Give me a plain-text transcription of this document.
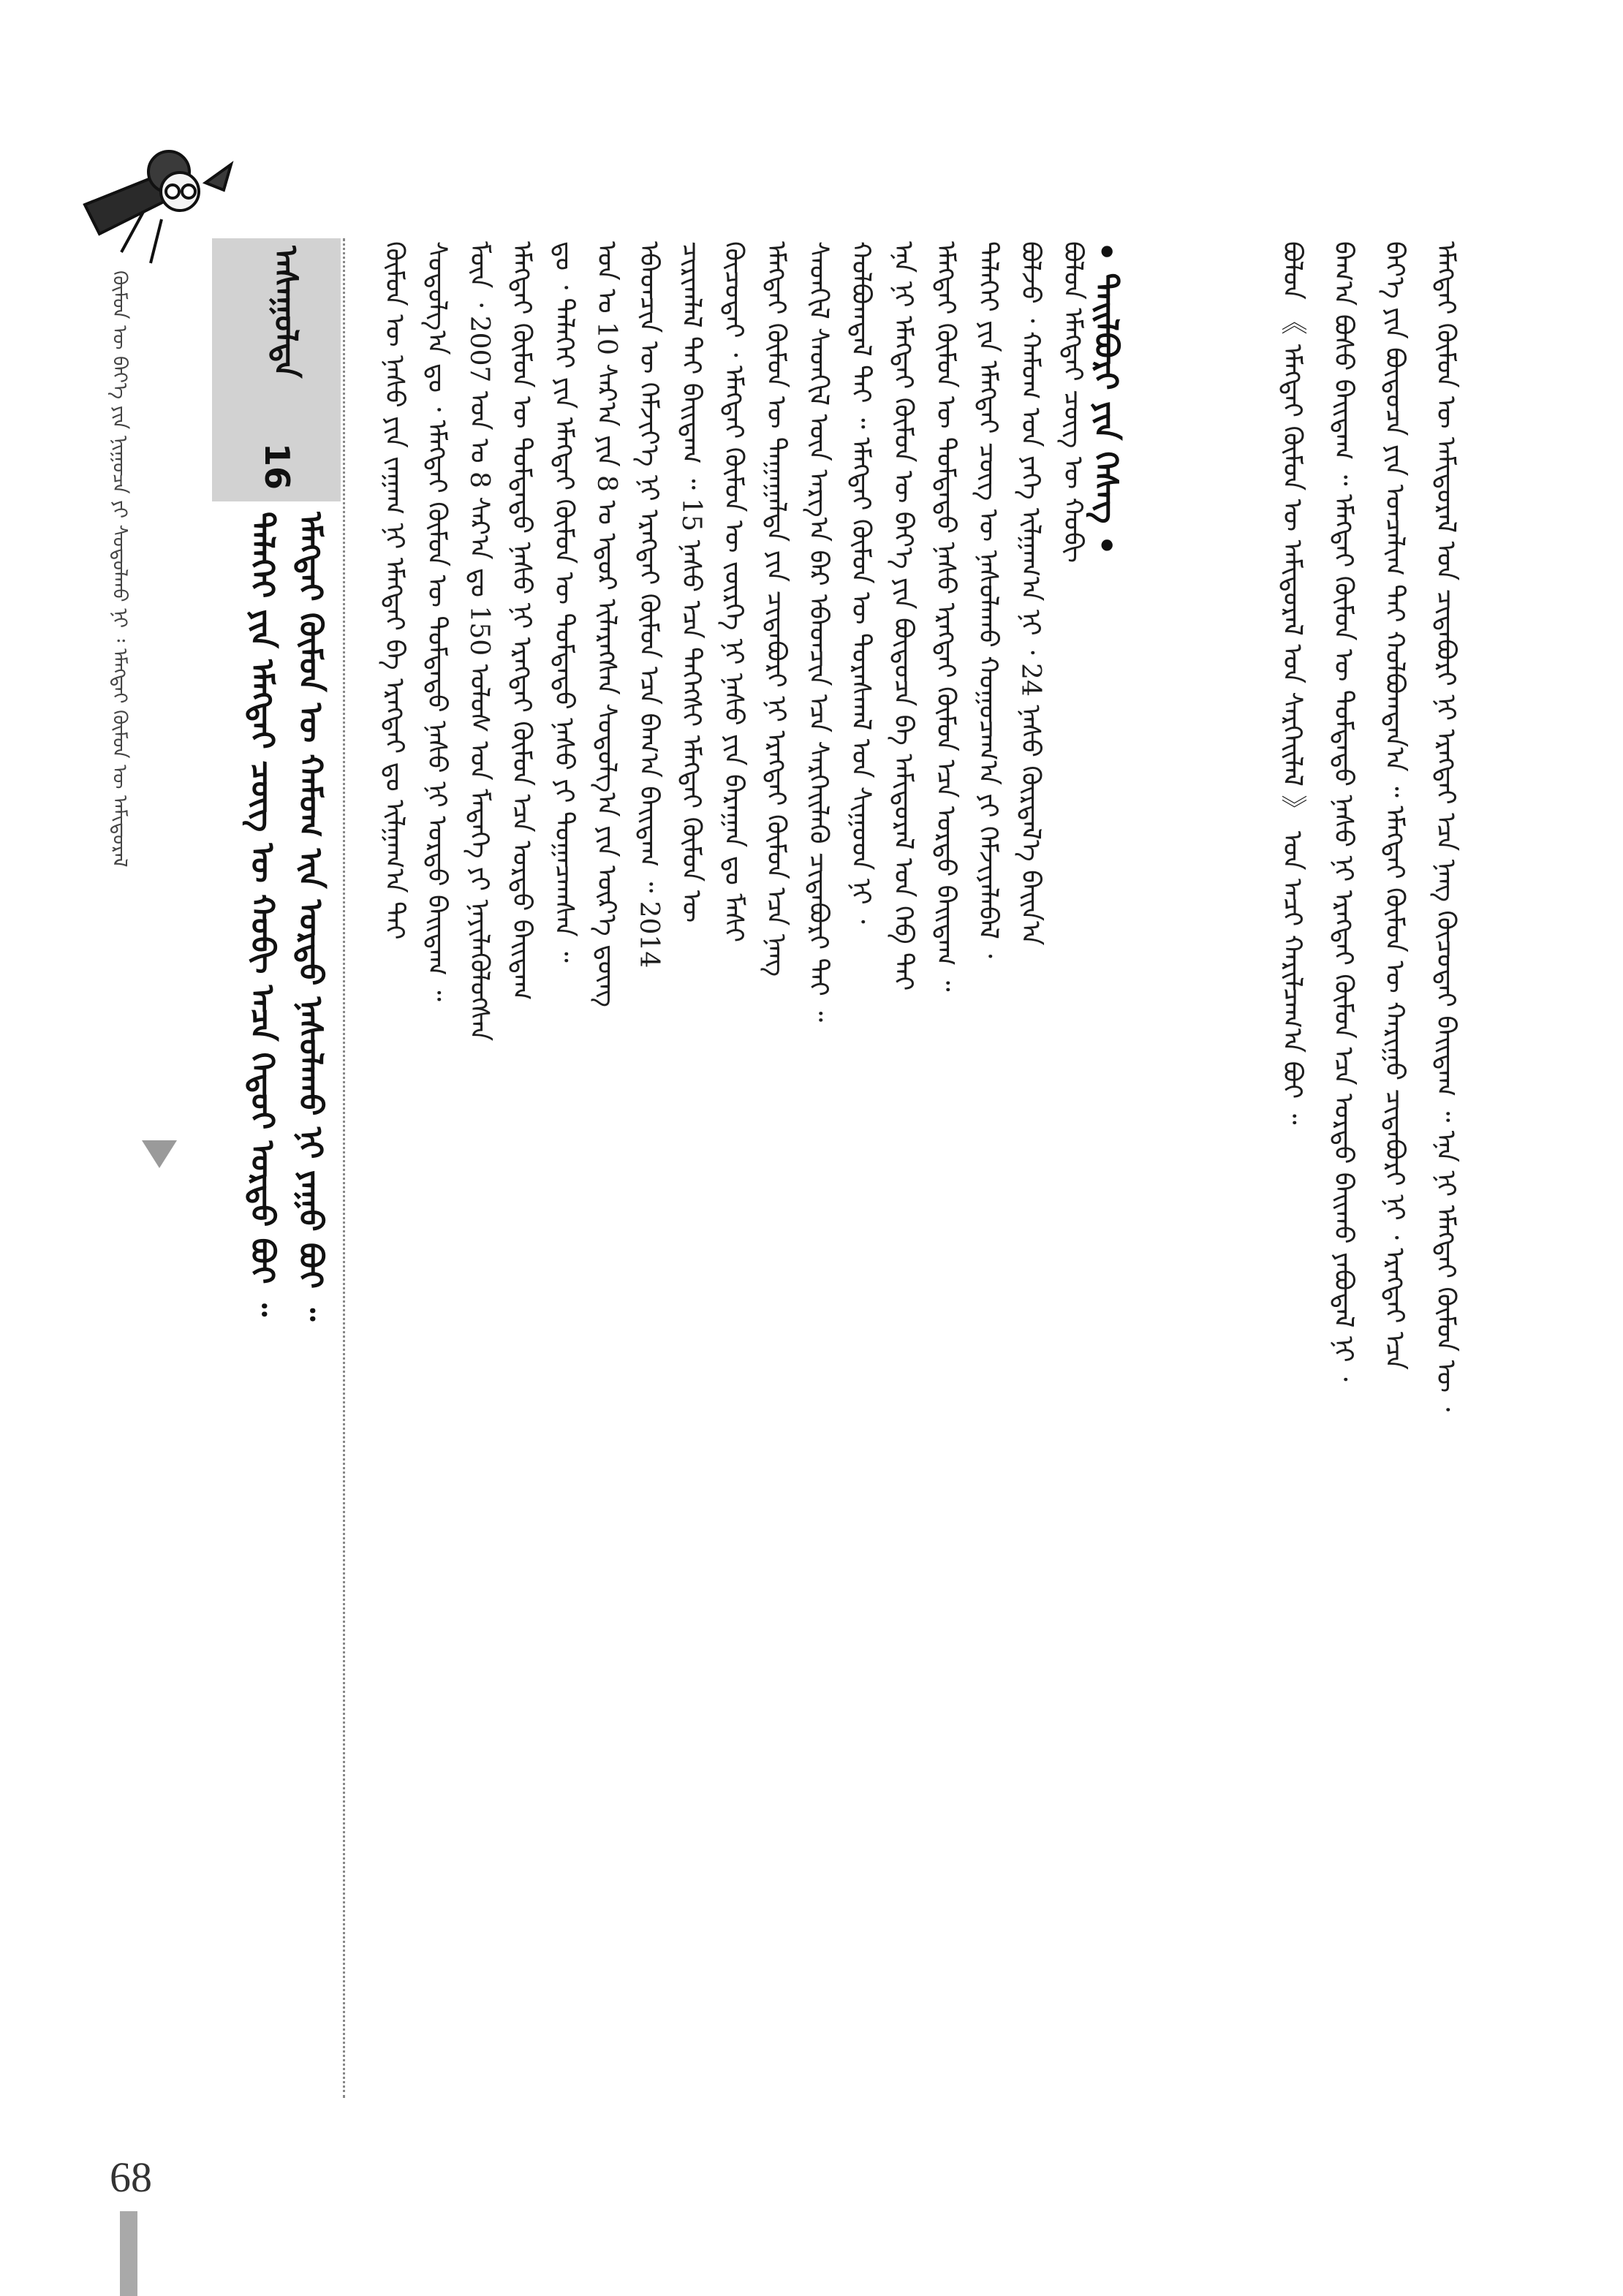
ᠬᠦᠮᠦᠨ ᠦ ᠪᠡᠶ᠎ᠡ ᠶᠢᠨ ᠨᠢᠭᠤᠴᠠ ᠶᠢ ᠰᠤᠳᠤᠯᠬᠤ ᠨᠢ ᠄ ᠡᠮᠡᠭᠲᠡᠢ ᠬᠦᠮᠦᠨ ᠦ ᠠᠮᠢᠳᠤᠷᠠᠯ	16
ᠠᠰᠠᠭᠤᠯᠲᠠ
ᠡᠮᠡᠭᠲᠡᠢ ᠬᠦᠮᠦᠨ ᠦ ᠬᠠᠮᠤᠭ ᠢᠨ ᠤᠷᠲᠤ ᠨᠠᠰᠤᠯᠠᠬᠤ ᠨᠢ ᠶᠠᠭᠤ ᠪᠤᠢ ᠃
ᠳᠡᠯᠡᠬᠡᠢ ᠶᠢᠨ ᠡᠮᠡᠭᠲᠡᠢ ᠴᠦᠭ ᠦ ᠬᠤᠪᠢ ᠠᠴᠠ ᠬᠡᠳᠦᠢ ᠤᠷᠲᠤ ᠪᠤᠢ ᠃	ᠳᠡᠯᠡᠬᠡᠢ ᠶᠢᠨ ᠡᠮᠡᠭᠲᠡᠢ ᠴᠦᠭ ᠦ ᠨᠠᠰᠤᠯᠠᠬᠤ ᠬᠤᠭᠤᠴᠠᠭ᠎ᠠ ᠶᠢ ᠬᠡᠮᠵᠢᠶᠡᠯᠡᠪᠡᠯ ᠂
ᠡᠮᠡᠭᠲᠡᠢ ᠬᠦᠮᠦᠨ ᠦ ᠳᠤᠮᠳᠠᠳᠤ ᠨᠠᠰᠤ ᠡᠷᠡᠭᠲᠡᠢ ᠬᠦᠮᠦᠨ ᠡᠴᠡ ᠤᠷᠲᠤ ᠪᠠᠢᠳᠠᠭ ᠃
ᠡᠨᠡ ᠨᠢ ᠡᠮᠡᠭᠲᠡᠢ ᠬᠦᠮᠦᠨ ᠦ ᠪᠡᠶ᠎ᠡ ᠶᠢᠨ ᠪᠦᠲᠦᠴᠡ ᠪᠠ ᠠᠮᠢᠳᠤᠷᠠᠯ ᠤᠨ ᠬᠡᠪ ᠲᠡᠢ
ᠬᠤᠯᠪᠤᠭᠳᠠᠯ ᠲᠠᠢ ᠃ ᠡᠮᠡᠭᠲᠡᠢ ᠬᠦᠮᠦᠨ ᠦ ᠳᠤᠷᠠᠰᠬᠠᠯ ᠤᠨ ᠰᠢᠭᠤᠳ ᠨᠢ ᠂
ᠰᠡᠳᠬᠢᠯ ᠰᠡᠳᠬᠢᠯ ᠦᠨ ᠠᠷᠭ᠎ᠠ ᠪᠠᠷ ᠡᠪᠡᠳᠴᠢᠨ ᠡᠴᠡ ᠰᠡᠷᠭᠡᠢᠯᠡᠬᠦ ᠴᠢᠳᠠᠪᠤᠷᠢ ᠲᠠᠢ ᠃
ᠡᠮᠡᠭᠲᠡᠢ ᠬᠦᠮᠦᠨ ᠦ ᠳᠠᠭᠠᠭᠠᠯᠲᠠ ᠶᠢᠨ ᠴᠢᠳᠠᠪᠤᠷᠢ ᠨᠢ ᠡᠷᠡᠭᠲᠡᠢ ᠬᠦᠮᠦᠨ ᠡᠴᠡ ᠨᠡᠩ
ᠬᠦᠴᠦᠲᠡᠢ ᠂ ᠡᠮᠡᠭᠲᠡᠢ ᠬᠦᠮᠦᠨ ᠦ ᠵᠦᠷᠬᠡ ᠨᠢ ᠨᠠᠰᠤ ᠶᠢᠨ ᠪᠠᠷᠠᠭᠠᠨ ᠳᠤ ᠮᠠᠰᠢ
ᠴᠢᠷᠢᠭᠯᠠᠯ ᠲᠠᠢ ᠪᠠᠢᠳᠠᠭ ᠃ 15 ᠨᠠᠰᠤ ᠡᠴᠡ ᠳᠡᠭᠡᠭᠰᠢ ᠡᠮᠡᠭᠲᠡᠢ ᠬᠦᠮᠦᠨ ᠦ
ᠡᠪᠡᠳᠴᠢᠨ ᠦ ᠬᠡᠮᠵᠢᠶ᠎ᠡ ᠨᠢ ᠡᠷᠡᠭᠲᠡᠢ ᠬᠦᠮᠦᠨ ᠡᠴᠡ ᠪᠠᠭ᠎ᠠ ᠪᠠᠢᠳᠠᠭ ᠃ 2014
ᠣᠨ ᠤ 10 ᠰᠠᠷ᠎ᠠ ᠶᠢᠨ 8 ᠤ ᠡᠳᠦᠷ ᠢᠯᠡᠷᠡᠭᠰᠡᠨ ᠰᠤᠳᠤᠯᠭ᠎ᠠ ᠶᠢᠨ ᠦᠷ᠎ᠡ ᠳ᠋ᠦᠩ
ᠳᠤ ᠂ ᠳᠡᠯᠡᠬᠡᠢ ᠶᠢᠨ ᠡᠮᠡᠭᠲᠡᠢ ᠬᠦᠮᠦᠨ ᠦ ᠳᠤᠮᠳᠠᠳᠤ ᠨᠠᠰᠤ ᠶᠢ ᠲᠤᠭᠠᠴᠠᠭᠰᠠᠨ ᠃
ᠡᠮᠡᠭᠲᠡᠢ ᠬᠦᠮᠦᠨ ᠦ ᠳᠤᠮᠳᠠᠳᠤ ᠨᠠᠰᠤ ᠨᠢ ᠡᠷᠡᠭᠲᠡᠢ ᠬᠦᠮᠦᠨ ᠡᠴᠡ ᠤᠷᠲᠤ ᠪᠠᠢᠳᠠᠭ
ᠮᠥᠨ ᠂ 2007 ᠣᠨ ᠤ 8 ᠰᠠᠷ᠎ᠠ ᠳᠤ 150 ᠤᠯᠤᠰ ᠤᠨ ᠮᠡᠳᠡᠭᠡ ᠶᠢ ᠨᠡᠶᠢᠯᠡᠭᠦᠯᠦᠭᠰᠡᠨ
ᠰᠤᠳᠤᠯᠭ᠎ᠠ ᠳᠤ ᠂ ᠡᠮᠡᠭᠲᠡᠢ ᠬᠦᠮᠦᠨ ᠦ ᠳᠤᠮᠳᠠᠳᠤ ᠨᠠᠰᠤ ᠨᠢ ᠤᠷᠲᠤ ᠪᠠᠢᠳᠠᠭ ᠃
ᠬᠦᠮᠦᠨ ᠦ ᠨᠠᠰᠤ ᠶᠢᠨ ᠵᠠᠭᠠᠭ ᠨᠢ ᠡᠮᠡᠭᠲᠡᠢ ᠪᠠ ᠡᠷᠡᠭᠲᠡᠢ ᠳᠤ ᠢᠯᠭᠠᠭ᠎ᠠ ᠲᠠᠢ	ᠪᠣᠯᠵᠤ ᠂ ᠬᠠᠮᠤᠭ ᠤᠨ ᠶᠡᠬᠡ ᠢᠯᠭᠠᠭ᠎ᠠ ᠨᠢ ᠂ 24 ᠨᠠᠰᠤ ᠬᠦᠷᠲᠡᠯ᠎ᠡ ᠪᠠᠢᠨ᠎ᠠ ᠪᠣᠯᠤᠨ ᠡᠮᠡᠭᠲᠡᠢ ᠴᠦᠭ ᠦ ᠬᠤᠪᠢ • ᠲᠠᠢᠯᠪᠤᠷᠢ ᠶᠢᠨ ᠬᠡᠰᠡᠭ •	ᠡᠮᠡᠭᠲᠡᠢ ᠬᠦᠮᠦᠨ ᠦ ᠠᠮᠢᠳᠤᠷᠠᠯ ᠤᠨ ᠴᠢᠳᠠᠪᠤᠷᠢ ᠨᠢ ᠡᠷᠡᠭᠲᠡᠢ ᠡᠴᠡ ᠨᠡᠩ ᠬᠦᠴᠦᠲᠡᠢ ᠪᠠᠢᠳᠠᠭ ᠃ ᠡᠨᠡ ᠨᠢ ᠡᠮᠡᠭᠲᠡᠢ ᠬᠦᠮᠦᠨ ᠦ ᠂
ᠪᠡᠶ᠎ᠡ ᠶᠢᠨ ᠪᠦᠲᠦᠴᠡ ᠶᠢᠨ ᠣᠨᠴᠠᠯᠢᠭ ᠲᠠᠢ ᠬᠤᠯᠪᠤᠭᠳᠠᠨ᠎ᠠ ᠃ ᠡᠮᠡᠭᠲᠡᠢ ᠬᠦᠮᠦᠨ ᠦ ᠬᠠᠷᠢᠭᠤ ᠴᠢᠳᠠᠪᠤᠷᠢ ᠨᠢ ᠂ ᠡᠷᠡᠭᠲᠡᠢ ᠡᠴᠡ
ᠪᠠᠭ᠎ᠠ ᠪᠤᠰᠤ ᠪᠠᠢᠳᠠᠭ ᠃ ᠡᠮᠡᠭᠲᠡᠢ ᠬᠦᠮᠦᠨ ᠦ ᠳᠤᠮᠳᠠᠳᠤ ᠨᠠᠰᠤ ᠨᠢ ᠡᠷᠡᠭᠲᠡᠢ ᠬᠦᠮᠦᠨ ᠡᠴᠡ ᠤᠷᠲᠤ ᠪᠠᠢᠬᠤ ᠶᠠᠪᠤᠳᠠᠯ ᠨᠢ ᠂
ᠪᠣᠯᠣᠨ 《 ᠡᠮᠡᠭᠲᠡᠢ ᠬᠦᠮᠦᠨ ᠦ ᠠᠮᠢᠳᠤᠷᠠᠯ ᠤᠨ ᠰᠡᠷᠭᠡᠢᠯᠡᠯ 》 ᠤᠨ ᠠᠴᠢ ᠬᠠᠷᠢᠯᠴᠠᠭ᠎ᠠ ᠪᠤᠢ ᠃
68
